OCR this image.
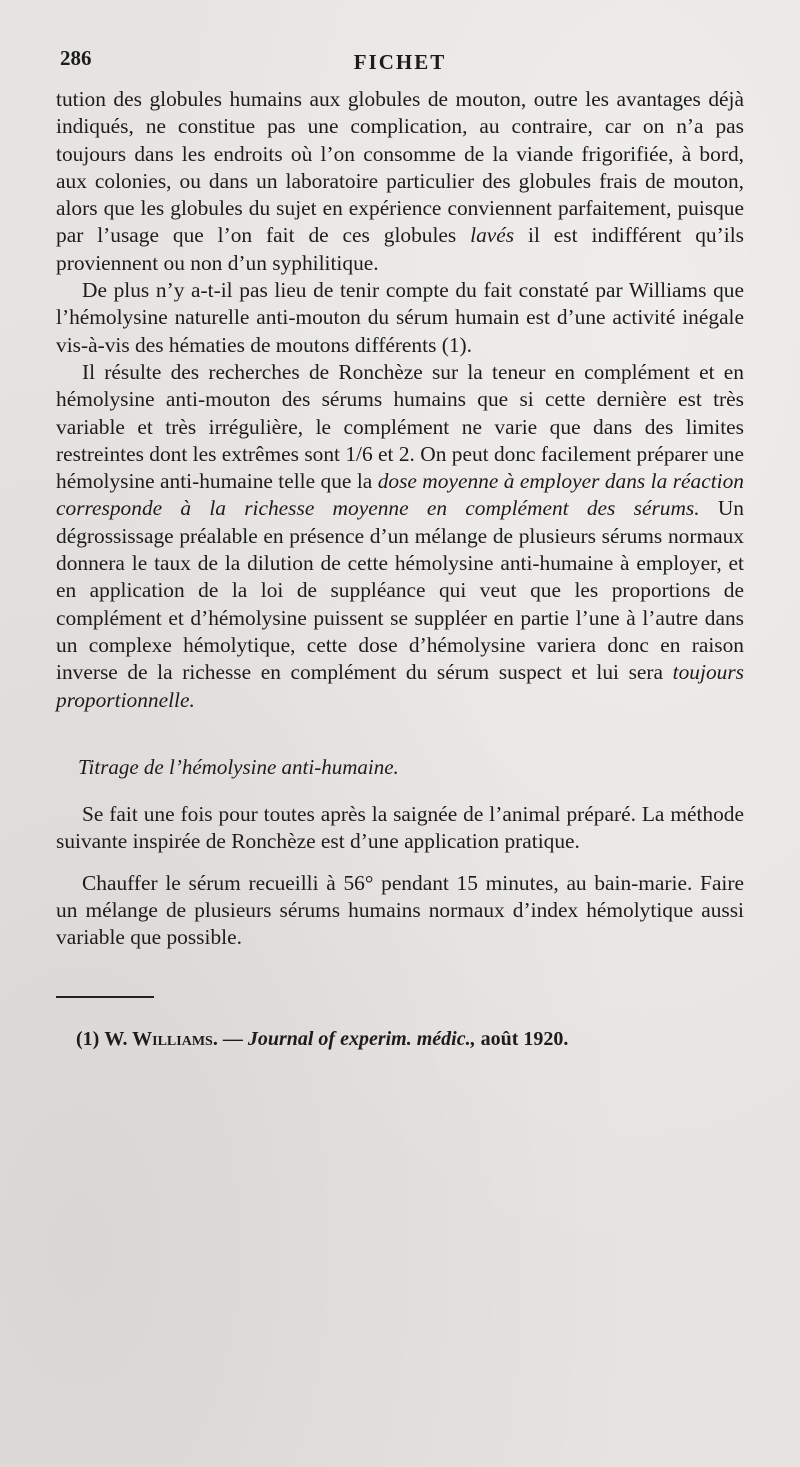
286	FICHET

tution des globules humains aux globules de mouton, outre les avantages déjà indiqués, ne constitue pas une complication, au contraire, car on n’a pas toujours dans les endroits où l’on consomme de la viande frigorifiée, à bord, aux colonies, ou dans un laboratoire particulier des globules frais de mouton, alors que les globules du sujet en expérience conviennent parfaitement, puisque par l’usage que l’on fait de ces globules lavés il est indifférent qu’ils proviennent ou non d’un syphilitique.

De plus n’y a-t-il pas lieu de tenir compte du fait constaté par Williams que l’hémolysine naturelle anti-mouton du sérum humain est d’une activité inégale vis-à-vis des hématies de moutons différents (1).

Il résulte des recherches de Ronchèze sur la teneur en complément et en hémolysine anti-mouton des sérums humains que si cette dernière est très variable et très irrégulière, le complément ne varie que dans des limites restreintes dont les extrêmes sont 1/6 et 2. On peut donc facilement préparer une hémolysine anti-humaine telle que la dose moyenne à employer dans la réaction corresponde à la richesse moyenne en complément des sérums. Un dégrossissage préalable en présence d’un mélange de plusieurs sérums normaux donnera le taux de la dilution de cette hémolysine anti-humaine à employer, et en application de la loi de suppléance qui veut que les proportions de complément et d’hémolysine puissent se suppléer en partie l’une à l’autre dans un complexe hémolytique, cette dose d’hémolysine variera donc en raison inverse de la richesse en complément du sérum suspect et lui sera toujours proportionnelle.

Titrage de l’hémolysine anti-humaine.

Se fait une fois pour toutes après la saignée de l’animal préparé. La méthode suivante inspirée de Ronchèze est d’une application pratique.

Chauffer le sérum recueilli à 56° pendant 15 minutes, au bain-marie. Faire un mélange de plusieurs sérums humains normaux d’index hémolytique aussi variable que possible.

(1) W. Williams. — Journal of experim. médic., août 1920.
